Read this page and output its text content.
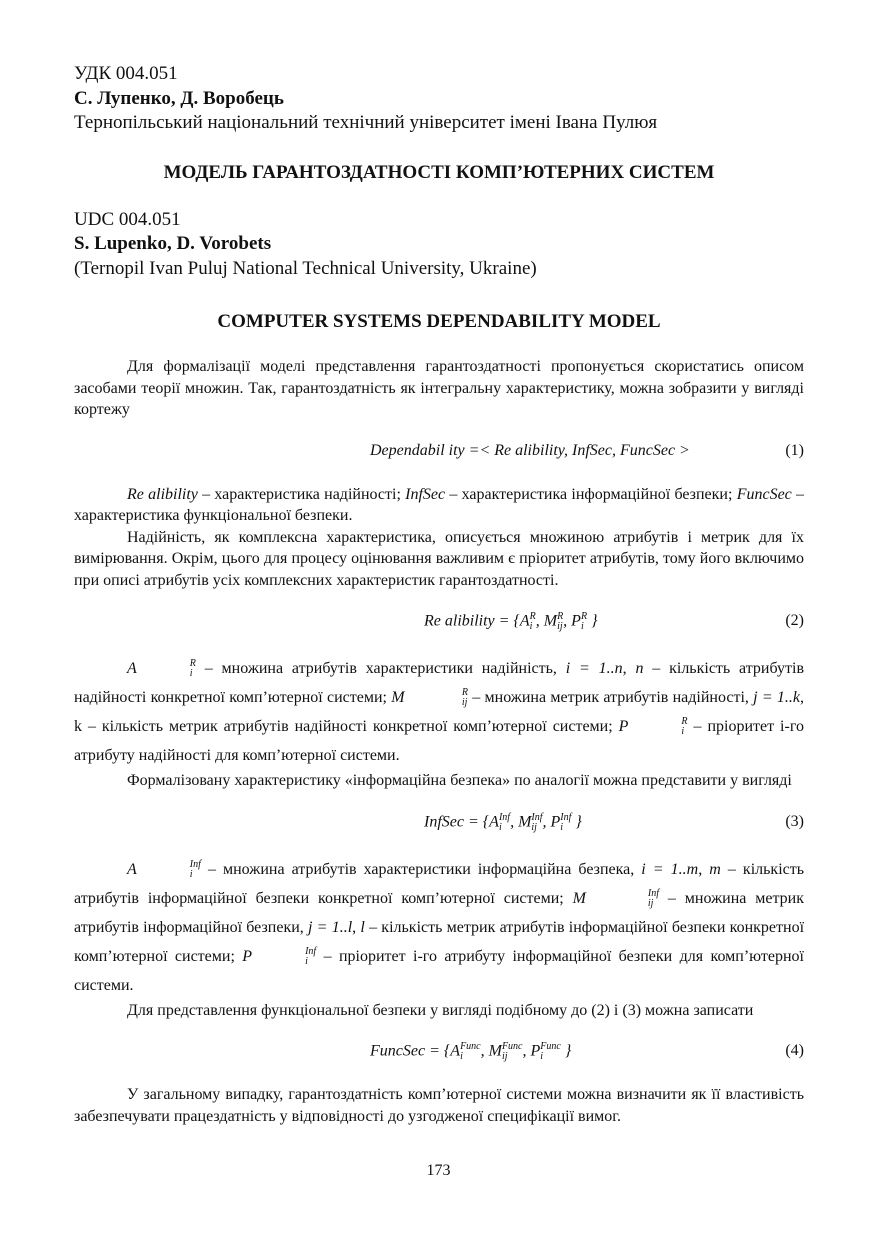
УДК 004.051
С. Лупенко, Д. Воробець
Тернопільський національний технічний університет імені Івана Пулюя
МОДЕЛЬ ГАРАНТОЗДАТНОСТІ КОМП’ЮТЕРНИХ СИСТЕМ
UDC 004.051
S. Lupenko, D. Vorobets
(Ternopil Ivan Puluj National Technical University, Ukraine)
COMPUTER SYSTEMS DEPENDABILITY MODEL

Для формалізації моделі представлення гарантоздатності пропонується скористатись описом засобами теорії множин. Так, гарантоздатність як інтегральну характеристику, можна зобразити у вигляді кортежу

Dependabil ity =< Re alibility, InfSec, FuncSec >	(1)

Re alibility – характеристика надійності; InfSec – характеристика інформаційної безпеки; FuncSec – характеристика функціональної безпеки.

Надійність, як комплексна характеристика, описується множиною атрибутів і метрик для їх вимірювання. Окрім, цього для процесу оцінювання важливим є пріоритет атрибутів, тому його включимо при описі атрибутів усіх комплексних характеристик гарантоздатності.

Re alibility = {A R
i , M R
ij , P R
i }	(2)

A	R
i – множина атрибутів характеристики надійність, i = 1..n, n – кількість атрибутів надійності конкретної комп’ютерної системи; M	R
ij – множина метрик атрибутів надійності, j = 1..k, k – кількість метрик атрибутів надійності конкретної комп’ютерної системи; P	R
i – пріоритет і-го атрибуту надійності для комп’ютерної системи.

Формалізовану характеристику «інформаційна безпека» по аналогії можна представити у вигляді

InfSec = {A Inf
i , M Inf
ij , P Inf
i }	(3)

A	Inf
i – множина атрибутів характеристики інформаційна безпека, i = 1..m, m – кількість атрибутів інформаційної безпеки конкретної комп’ютерної системи; M	Inf
ij – множина метрик атрибутів інформаційної безпеки, j = 1..l, l – кількість метрик атрибутів інформаційної безпеки конкретної комп’ютерної системи; P	Inf
i – пріоритет і-го атрибуту інформаційної безпеки для комп’ютерної системи.

Для представлення функціональної безпеки у вигляді подібному до (2) і (3) можна записати

FuncSec = {A Func
i	, M Func
ij , P Func
i	}	(4)

У загальному випадку, гарантоздатність комп’ютерної системи можна визначити як її властивість забезпечувати працездатність у відповідності до узгодженої специфікації вимог.

173
